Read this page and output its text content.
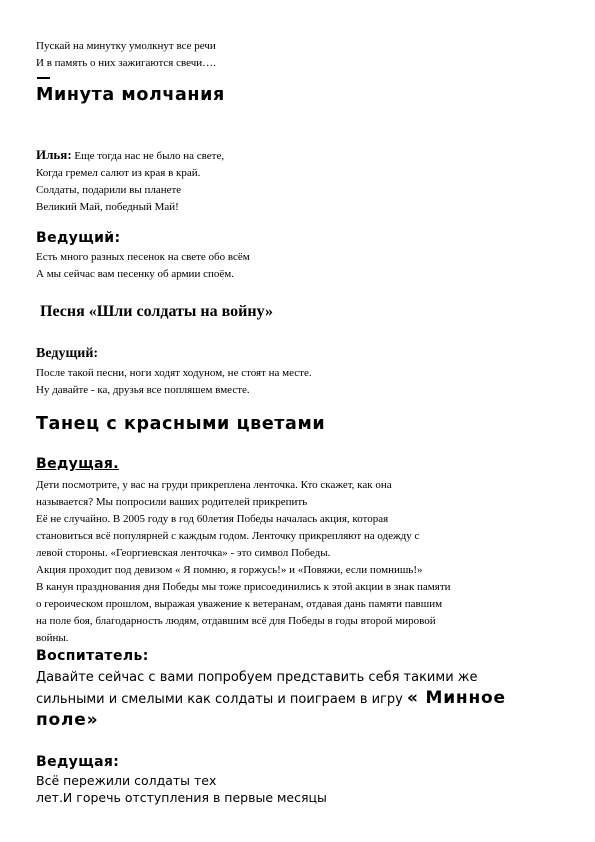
Пускай на минутку умолкнут все речи
И в память о них зажигаются свечи….
Минута молчания
Илья: Еще тогда нас не было на свете,
Когда гремел салют из края в край.
Солдаты, подарили вы планете
Великий Май, победный Май!
Ведущий:
Есть много разных песенок на свете обо всём
А мы сейчас вам песенку об армии споём.
Песня «Шли солдаты на войну»
Ведущий:
После такой песни, ноги ходят ходуном, не стоят на месте.
Ну давайте - ка, друзья все попляшем вместе.
Танец с красными цветами
Ведущая.
Дети посмотрите, у вас на груди прикреплена ленточка. Кто скажет, как она
называется? Мы попросили ваших родителей прикрепить
Её не случайно. В 2005 году в год 60летия Победы началась акция, которая
становиться всё популярней с каждым годом. Ленточку прикрепляют на одежду с
левой стороны. «Георгиевская ленточка» - это символ Победы.
Акция проходит под девизом « Я помню, я горжусь!» и «Повяжи, если помнишь!»
В канун празднования дня Победы мы тоже присоединились к этой акции в знак памяти
о героическом прошлом, выражая уважение к ветеранам, отдавая дань памяти павшим
на поле боя, благодарность людям, отдавшим всё для Победы в годы второй мировой
войны.
Воспитатель:
Давайте сейчас с вами попробуем представить себя такими же
сильными и смелыми как солдаты и поиграем в игру « Минное
поле»
Ведущая:
Всё пережили солдаты тех
лет.И горечь отступления в первые месяцы
